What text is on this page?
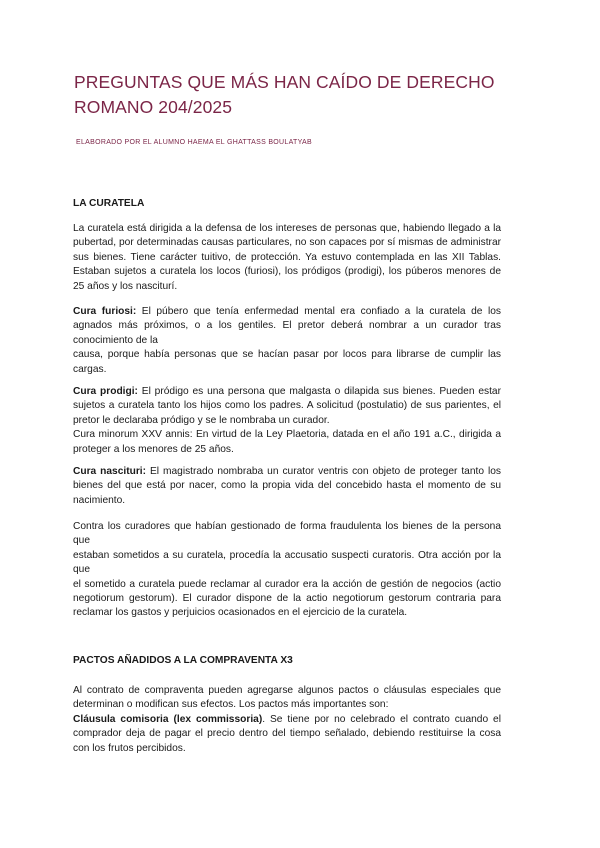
PREGUNTAS QUE MÁS HAN CAÍDO DE DERECHO ROMANO 204/2025

ELABORADO POR EL ALUMNO HAEMA EL GHATTASS BOULATYAB

LA CURATELA

La curatela está dirigida a la defensa de los intereses de personas que, habiendo llegado a la pubertad, por determinadas causas particulares, no son capaces por sí mismas de administrar sus bienes. Tiene carácter tuitivo, de protección. Ya estuvo contemplada en las XII Tablas. Estaban sujetos a curatela los locos (furiosi), los pródigos (prodigi), los púberos menores de 25 años y los nasciturí.

Cura furiosi: El púbero que tenía enfermedad mental era confiado a la curatela de los agnados más próximos, o a los gentiles. El pretor deberá nombrar a un curador tras conocimiento de la
causa, porque había personas que se hacían pasar por locos para librarse de cumplir las cargas.

Cura prodigi: El pródigo es una persona que malgasta o dilapida sus bienes. Pueden estar sujetos a curatela tanto los hijos como los padres. A solicitud (postulatio) de sus parientes, el pretor le declaraba pródigo y se le nombraba un curador.
Cura minorum XXV annis: En virtud de la Ley Plaetoria, datada en el año 191 a.C., dirigida a proteger a los menores de 25 años.

Cura nascituri: El magistrado nombraba un curator ventris con objeto de proteger tanto los bienes del que está por nacer, como la propia vida del concebido hasta el momento de su nacimiento.

Contra los curadores que habían gestionado de forma fraudulenta los bienes de la persona que
estaban sometidos a su curatela, procedía la accusatio suspecti curatoris. Otra acción por la que
el sometido a curatela puede reclamar al curador era la acción de gestión de negocios (actio negotiorum gestorum). El curador dispone de la actio negotiorum gestorum contraria para reclamar los gastos y perjuicios ocasionados en el ejercicio de la curatela.

PACTOS AÑADIDOS A LA COMPRAVENTA X3

Al contrato de compraventa pueden agregarse algunos pactos o cláusulas especiales que determinan o modifican sus efectos. Los pactos más importantes son:

Cláusula comisoria (lex commissoria). Se tiene por no celebrado el contrato cuando el comprador deja de pagar el precio dentro del tiempo señalado, debiendo restituirse la cosa con los frutos percibidos.
